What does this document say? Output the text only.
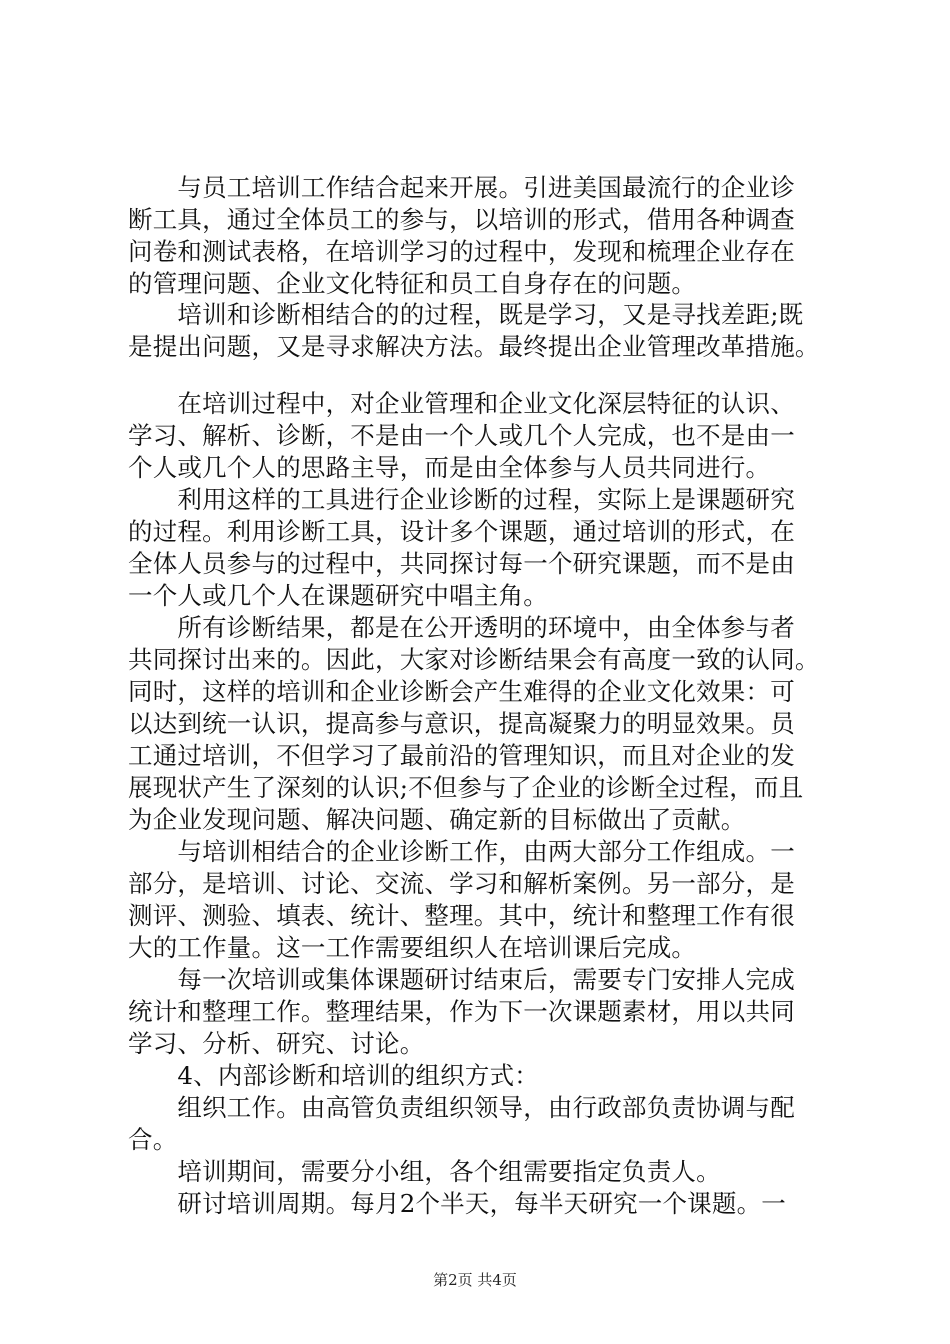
　　与员工培训工作结合起来开展。引进美国最流行的企业诊
断工具，通过全体员工的参与，以培训的形式，借用各种调查
问卷和测试表格，在培训学习的过程中，发现和梳理企业存在
的管理问题、企业文化特征和员工自身存在的问题。
　　培训和诊断相结合的的过程，既是学习，又是寻找差距;既
是提出问题，又是寻求解决方法。最终提出企业管理改革措施。
　　在培训过程中，对企业管理和企业文化深层特征的认识、
学习、解析、诊断，不是由一个人或几个人完成，也不是由一
个人或几个人的思路主导，而是由全体参与人员共同进行。
　　利用这样的工具进行企业诊断的过程，实际上是课题研究
的过程。利用诊断工具，设计多个课题，通过培训的形式，在
全体人员参与的过程中，共同探讨每一个研究课题，而不是由
一个人或几个人在课题研究中唱主角。
　　所有诊断结果，都是在公开透明的环境中，由全体参与者
共同探讨出来的。因此，大家对诊断结果会有高度一致的认同。
同时，这样的培训和企业诊断会产生难得的企业文化效果：可
以达到统一认识，提高参与意识，提高凝聚力的明显效果。员
工通过培训，不但学习了最前沿的管理知识，而且对企业的发
展现状产生了深刻的认识;不但参与了企业的诊断全过程，而且
为企业发现问题、解决问题、确定新的目标做出了贡献。
　　与培训相结合的企业诊断工作，由两大部分工作组成。一
部分，是培训、讨论、交流、学习和解析案例。另一部分，是
测评、测验、填表、统计、整理。其中，统计和整理工作有很
大的工作量。这一工作需要组织人在培训课后完成。
　　每一次培训或集体课题研讨结束后，需要专门安排人完成
统计和整理工作。整理结果，作为下一次课题素材，用以共同
学习、分析、研究、讨论。
　　4、内部诊断和培训的组织方式：
　　组织工作。由高管负责组织领导，由行政部负责协调与配
合。
　　培训期间，需要分小组，各个组需要指定负责人。
　　研讨培训周期。每月2个半天，每半天研究一个课题。一
第2页 共4页
